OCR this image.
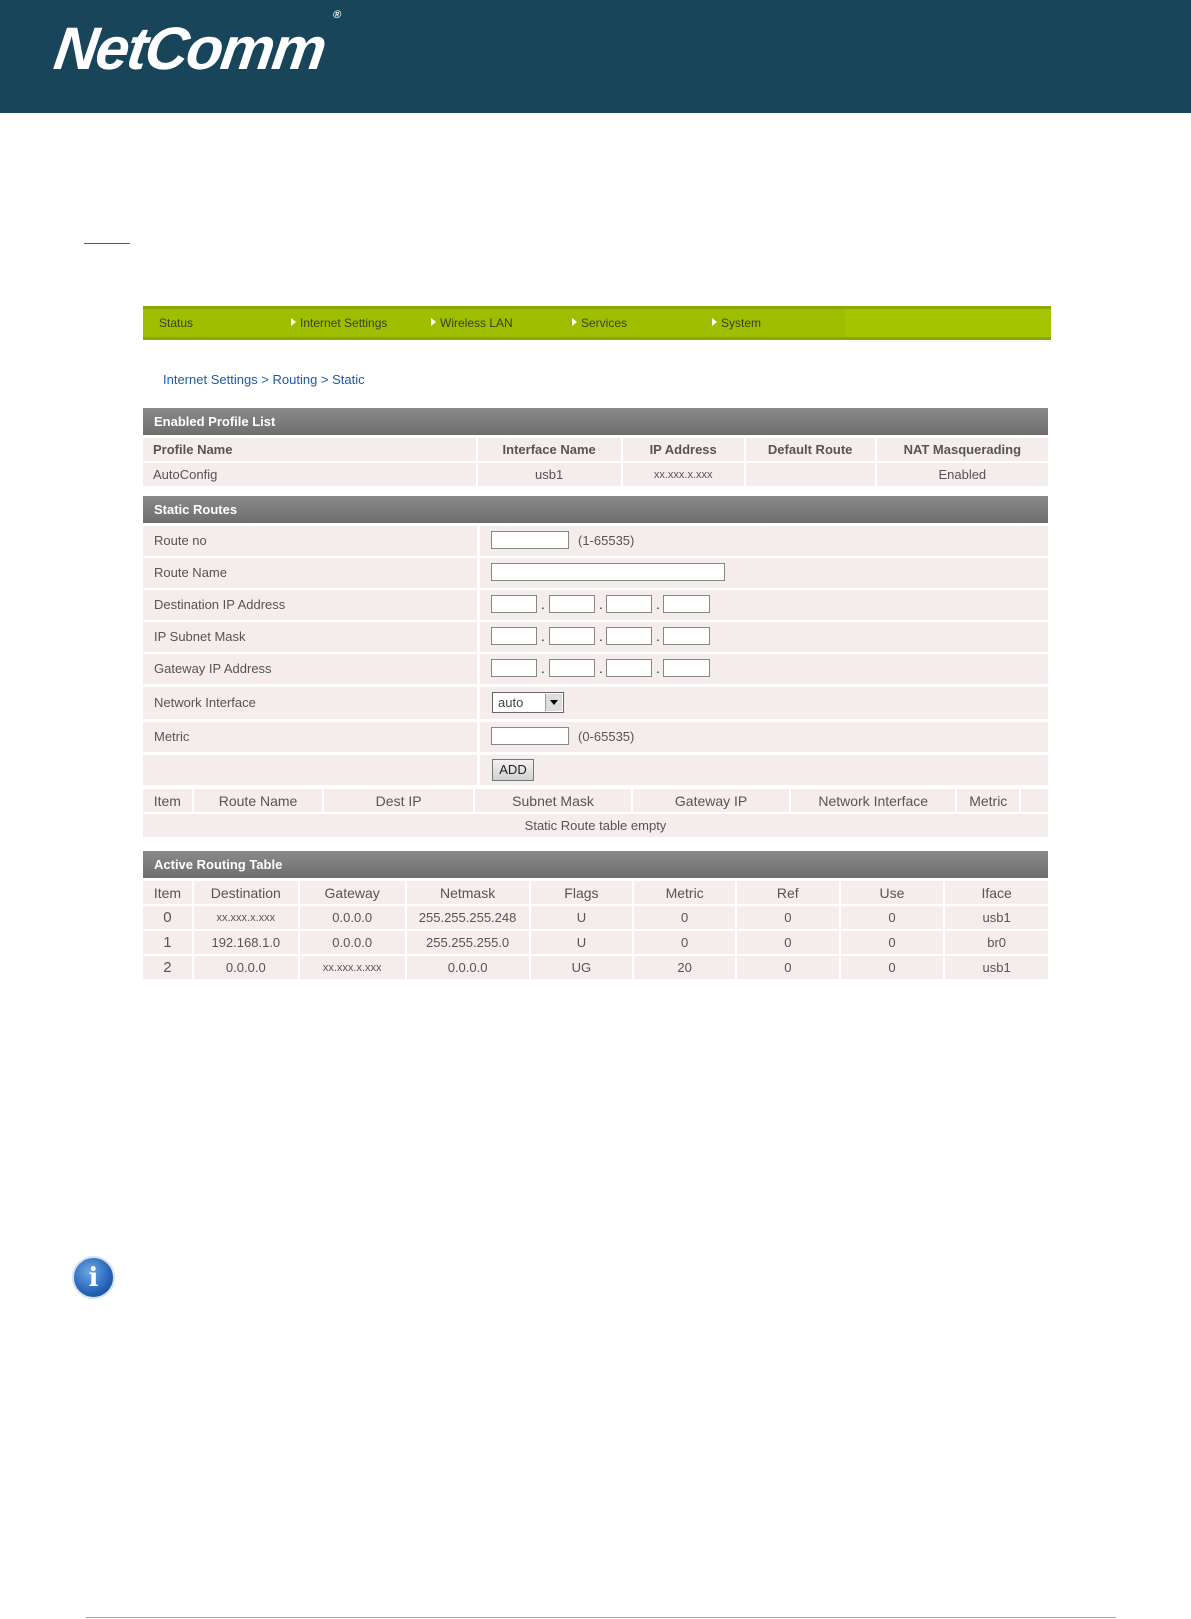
NetComm ®
Status	Internet Settings	Wireless LAN	Services	System
Internet Settings > Routing > Static
Enabled Profile List
Profile Name	Interface Name	IP Address	Default Route	NAT Masquerading
AutoConfig	usb1	xx.xxx.x.xxx		Enabled
Static Routes
Route no	(1-65535)
Route Name
Destination IP Address	.	.	.
IP Subnet Mask	.	.	.
Gateway IP Address	.	.	.
Network Interface	auto
Metric	(0-65535)
ADD
Item	Route Name	Dest IP	Subnet Mask	Gateway IP	Network Interface	Metric	
Static Route table empty
Active Routing Table
Item	Destination	Gateway	Netmask	Flags	Metric	Ref	Use	Iface
0	xx.xxx.x.xxx	0.0.0.0	255.255.255.248	U	0	0	0	usb1
1	192.168.1.0	0.0.0.0	255.255.255.0	U	0	0	0	br0
2	0.0.0.0	xx.xxx.x.xxx	0.0.0.0	UG	20	0	0	usb1
i
